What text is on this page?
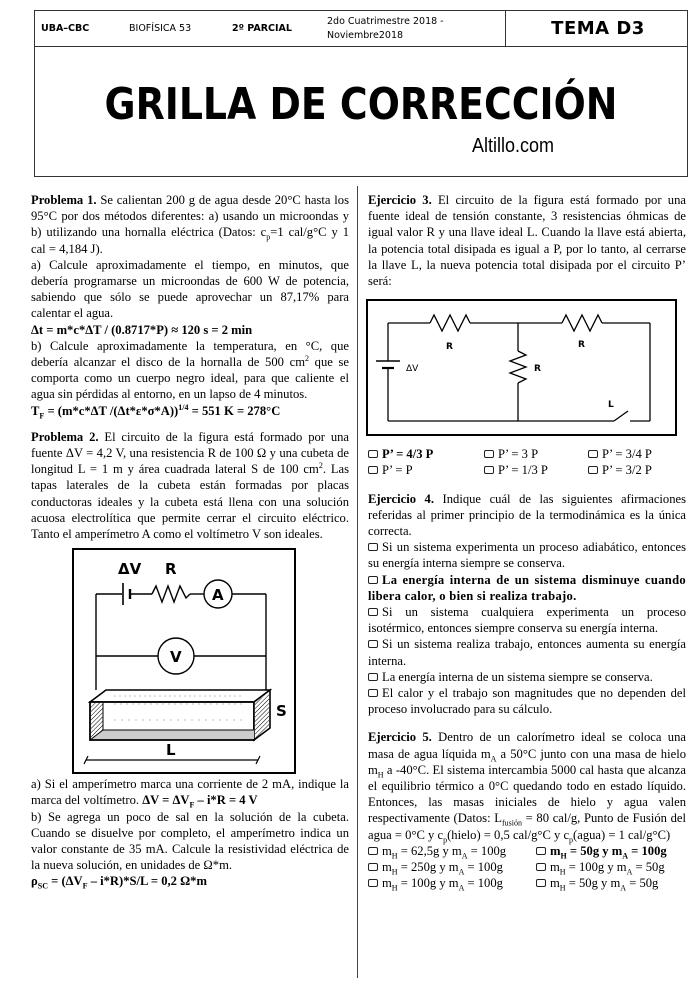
UBA–CBC	BIOFÍSICA 53	2º PARCIAL
2do Cuatrimestre 2018 -
Noviembre2018	TEMA D3
GRILLA DE CORRECCIÓN
Altillo.com

Problema 1. Se calientan 200 g de agua desde 20°C hasta los 95°C por dos métodos diferentes: a) usando un microondas y b) utilizando una hornalla eléctrica (Datos: $c_p=1$ cal/g°C y 1 cal = 4,184 J).

a) Calcule aproximadamente el tiempo, en minutos, que debería programarse un microondas de 600 W de potencia, sabiendo que sólo se puede aprovechar un 87,17% para calentar el agua.

Δt = m*c*ΔT / (0.8717*P) ≈ 120 s = 2 min

b) Calcule aproximadamente la temperatura, en °C, que debería alcanzar el disco de la hornalla de 500 $cm^2$ que se comporta como un cuerpo negro ideal, para que caliente el agua sin pérdidas al entorno, en un lapso de 4 minutos.

$T_F = (m*c*\Delta T$ /(Δt*ε*σ*A))$^{1/4}$ = 551 K = 278°C

Problema 2. El circuito de la figura está formado por una fuente ΔV = 4,2 V, una resistencia R de 100 Ω y una cubeta de longitud L = 1 m y área cuadrada lateral S de 100 $cm^2$. Las tapas laterales de la cubeta están formadas por placas conductoras ideales y la cubeta está llena con una solución acuosa electrolítica que permite cerrar el circuito eléctrico. Tanto el amperímetro A como el voltímetro V son ideales.

ΔV R
A
V
S
L

a) Si el amperímetro marca una corriente de 2 mA, indique la marca del voltímetro. $\Delta V = \Delta V_F - i*R = 4$ V

b) Se agrega un poco de sal en la solución de la cubeta. Cuando se disuelve por completo, el amperímetro indica un valor constante de 35 mA. Calcule la resistividad eléctrica de la nueva solución, en unidades de Ω*m.

$\rho_{SC} = (\Delta V_F - i*R)*S/L = 0,2$ Ω*m

Ejercicio 3. El circuito de la figura está formado por una fuente ideal de tensión constante, 3 resistencias óhmicas de igual valor R y una llave ideal L. Cuando la llave está abierta, la potencia total disipada es igual a P, por lo tanto, al cerrarse la llave L, la nueva potencia total disipada por el circuito P’ será:

R	R
R
ΔV
L
P’ = 4/3 P	P’ = 3 P	P’ = 3/4 P
P’ = P	P’ = 1/3 P	P’ = 3/2 P

Ejercicio 4. Indique cuál de las siguientes afirmaciones referidas al primer principio de la termodinámica es la única correcta.

Si un sistema experimenta un proceso adiabático, entonces su energía interna siempre se conserva.

La energía interna de un sistema disminuye cuando libera calor, o bien si realiza trabajo.

Si un sistema cualquiera experimenta un proceso isotérmico, entonces siempre conserva su energía interna.

Si un sistema realiza trabajo, entonces aumenta su energía interna.

La energía interna de un sistema siempre se conserva.

El calor y el trabajo son magnitudes que no dependen del proceso involucrado para su cálculo.

Ejercicio 5. Dentro de un calorímetro ideal se coloca una masa de agua líquida $m_A$ a 50°C junto con una masa de hielo $m_H$ a -40°C. El sistema intercambia 5000 cal hasta que alcanza el equilibrio térmico a 0°C quedando todo en estado líquido. Entonces, las masas iniciales de hielo y agua valen respectivamente (Datos: $L_{fusión} = 80$ cal/g, Punto de Fusión del agua = 0°C y $c_p(hielo) = 0,5$ cal/g°C y $c_p(agua) = 1$ cal/g°C)

$m_H = 62,5g$ y $m_A = 100g$	$m_H = 50g$ y $m_A = 100g$
$m_H = 250g$ y $m_A = 100g$	$m_H = 100g$ y $m_A = 50g$
$m_H = 100g$ y $m_A = 100g$	$m_H = 50g$ y $m_A = 50g$
